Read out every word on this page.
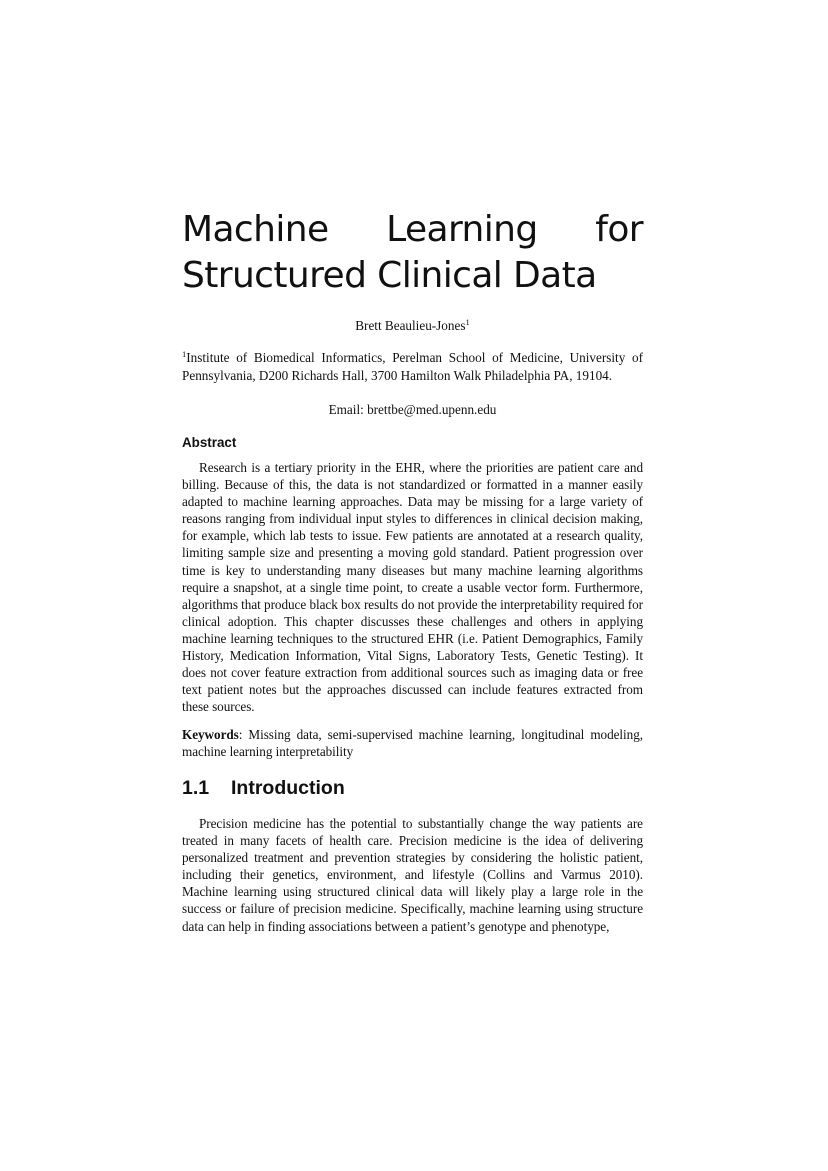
Machine Learning for Structured Clinical Data
Brett Beaulieu-Jones$^1$
$^1$Institute of Biomedical Informatics, Perelman School of Medicine, University of Pennsylvania, D200 Richards Hall, 3700 Hamilton Walk Philadelphia PA, 19104.
Email: brettbe@med.upenn.edu
Abstract

Research is a tertiary priority in the EHR, where the priorities are patient care and billing. Because of this, the data is not standardized or formatted in a manner easily adapted to machine learning approaches. Data may be missing for a large variety of reasons ranging from individual input styles to differences in clinical decision making, for example, which lab tests to issue. Few patients are annotated at a research quality, limiting sample size and presenting a moving gold standard. Patient progression over time is key to understanding many diseases but many machine learning algorithms require a snapshot, at a single time point, to create a usable vector form. Furthermore, algorithms that produce black box results do not provide the interpretability required for clinical adoption. This chapter discusses these challenges and others in applying machine learning techniques to the structured EHR (i.e. Patient Demographics, Family History, Medication Information, Vital Signs, Laboratory Tests, Genetic Testing). It does not cover feature extraction from additional sources such as imaging data or free text patient notes but the approaches discussed can include features extracted from these sources.

Keywords: Missing data, semi-supervised machine learning, longitudinal modeling, machine learning interpretability

1.1 Introduction

Precision medicine has the potential to substantially change the way patients are treated in many facets of health care. Precision medicine is the idea of delivering personalized treatment and prevention strategies by considering the holistic patient, including their genetics, environment, and lifestyle (Collins and Varmus 2010). Machine learning using structured clinical data will likely play a large role in the success or failure of precision medicine. Specifically, machine learning using structure data can help in finding associations between a patient’s genotype and phenotype,
